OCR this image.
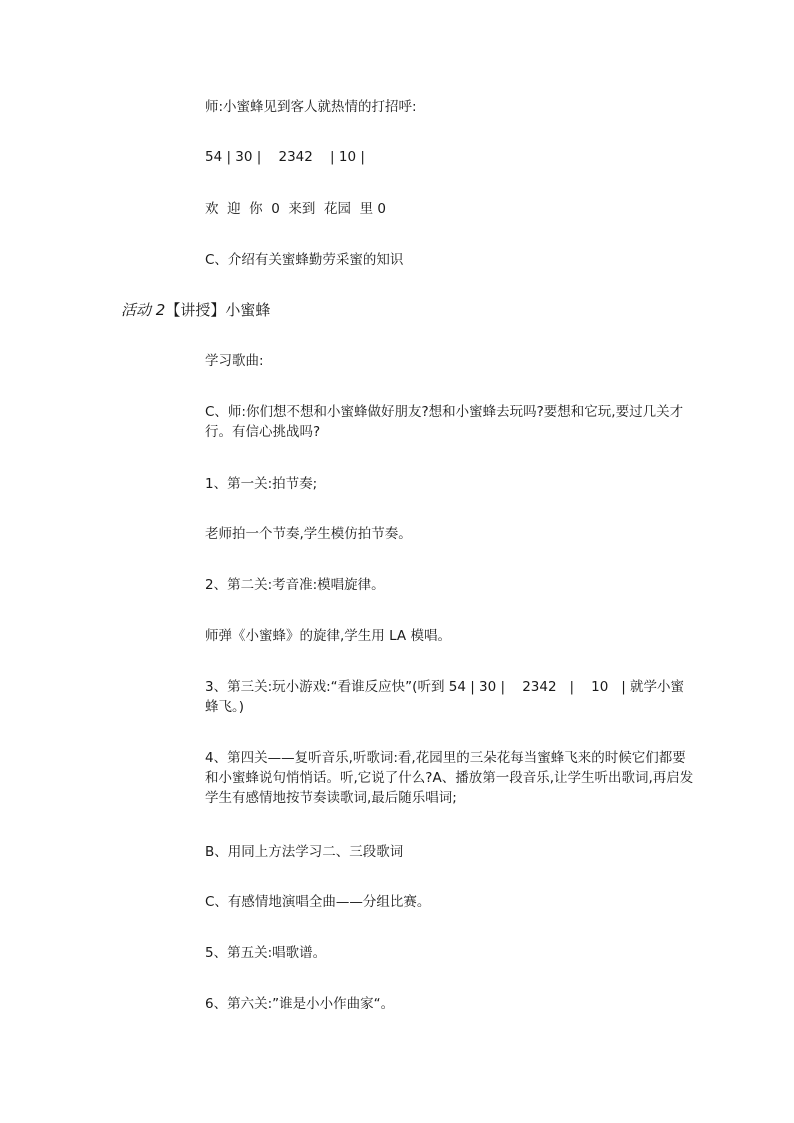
师:小蜜蜂见到客人就热情的打招呼:

54 | 30 |    2342    | 10 |

欢  迎  你  0  来到  花园  里 0

C、介绍有关蜜蜂勤劳采蜜的知识

活动 2【讲授】小蜜蜂

学习歌曲:

C、师:你们想不想和小蜜蜂做好朋友?想和小蜜蜂去玩吗?要想和它玩,要过几关才行。有信心挑战吗?

1、第一关:拍节奏;

老师拍一个节奏,学生模仿拍节奏。

2、第二关:考音准:模唱旋律。

师弹《小蜜蜂》的旋律,学生用 LA 模唱。

3、第三关:玩小游戏:“看谁反应快”(听到 54 | 30 |    2342   |    10   | 就学小蜜蜂飞。)

4、第四关——复听音乐,听歌词:看,花园里的三朵花每当蜜蜂飞来的时候它们都要和小蜜蜂说句悄悄话。听,它说了什么?A、播放第一段音乐,让学生听出歌词,再启发学生有感情地按节奏读歌词,最后随乐唱词;

B、用同上方法学习二、三段歌词

C、有感情地演唱全曲——分组比赛。

5、第五关:唱歌谱。

6、第六关:”谁是小小作曲家“。
